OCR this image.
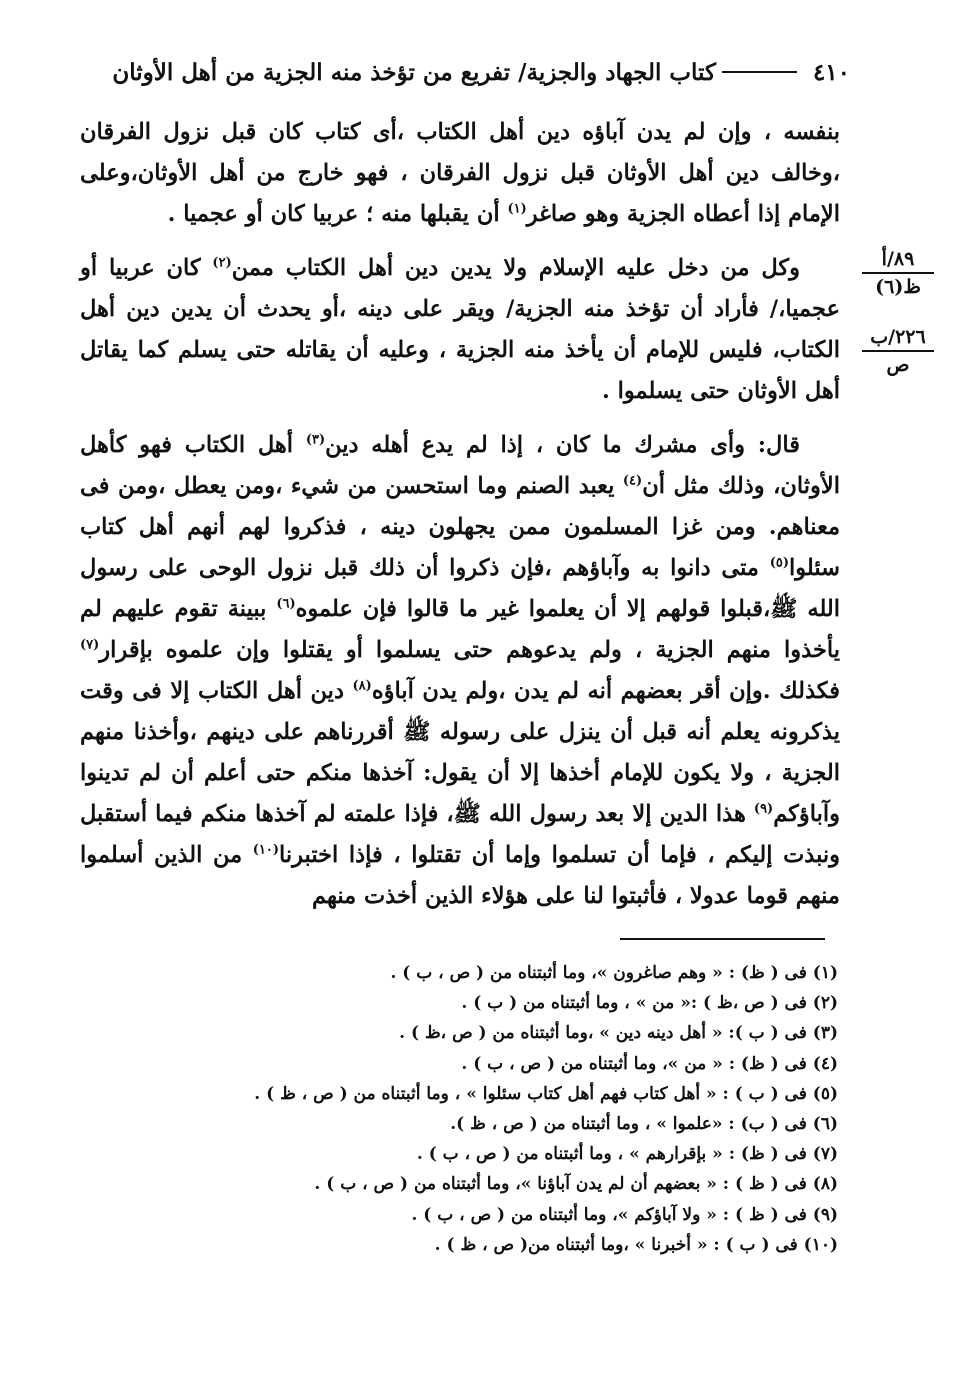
٤١٠
كتاب الجهاد والجزية/ تفريع من تؤخذ منه الجزية من أهل الأوثان
٨٩/أ
ظ(٦)
٢٢٦/ب
ص

بنفسه ، وإن لم يدن آباؤه دين أهل الكتاب ،أى كتاب كان قبل نزول الفرقان ،وخالف دين أهل الأوثان قبل نزول الفرقان ، فهو خارج من أهل الأوثان،وعلى الإمام إذا أعطاه الجزية وهو صاغر$^{(١)}$ أن يقبلها منه ؛ عربيا كان أو عجميا .

وكل من دخل عليه الإسلام ولا يدين دين أهل الكتاب ممن$^{(٢)}$ كان عربيا أو عجميا،/ فأراد أن تؤخذ منه الجزية/ ويقر على دينه ،أو يحدث أن يدين دين أهل الكتاب، فليس للإمام أن يأخذ منه الجزية ، وعليه أن يقاتله حتى يسلم كما يقاتل أهل الأوثان حتى يسلموا .

قال: وأى مشرك ما كان ، إذا لم يدع أهله دين$^{(٣)}$ أهل الكتاب فهو كأهل الأوثان، وذلك مثل أن$^{(٤)}$ يعبد الصنم وما استحسن من شيء ،ومن يعطل ،ومن فى معناهم. ومن غزا المسلمون ممن يجهلون دينه ، فذكروا لهم أنهم أهل كتاب سئلوا$^{(٥)}$ متى دانوا به وآباؤهم ،فإن ذكروا أن ذلك قبل نزول الوحى على رسول الله ﷺ،قبلوا قولهم إلا أن يعلموا غير ما قالوا فإن علموه$^{(٦)}$ ببينة تقوم عليهم لم يأخذوا منهم الجزية ، ولم يدعوهم حتى يسلموا أو يقتلوا وإن علموه بإقرار$^{(٧)}$ فكذلك .وإن أقر بعضهم أنه لم يدن ،ولم يدن آباؤه$^{(٨)}$ دين أهل الكتاب إلا فى وقت يذكرونه يعلم أنه قبل أن ينزل على رسوله ﷺ أقررناهم على دينهم ،وأخذنا منهم الجزية ، ولا يكون للإمام أخذها إلا أن يقول: آخذها منكم حتى أعلم أن لم تدينوا وآباؤكم$^{(٩)}$ هذا الدين إلا بعد رسول الله ﷺ، فإذا علمته لم آخذها منكم فيما أستقبل ونبذت إليكم ، فإما أن تسلموا وإما أن تقتلوا ، فإذا اختبرنا$^{(١٠)}$ من الذين أسلموا منهم قوما عدولا ، فأثبتوا لنا على هؤلاء الذين أخذت منهم

(١) فى ( ظ) : « وهم صاغرون »، وما أثبتناه من ( ص ، ب ) .
(٢) فى ( ص ،ظ ) :« من » ، وما أثبتناه من ( ب ) .
(٣) فى ( ب ): « أهل دينه دين » ،وما أثبتناه من ( ص ،ظ ) .
(٤) فى ( ظ) : « من »، وما أثبتناه من ( ص ، ب ) .
(٥) فى ( ب ) : « أهل كتاب فهم أهل كتاب سئلوا » ، وما أثبتناه من ( ص ، ظ ) .
(٦) فى ( ب) : «علموا » ، وما أثبتناه من ( ص ، ظ ).
(٧) فى ( ظ) : « بإقرارهم » ، وما أثبتناه من ( ص ، ب ) .
(٨) فى ( ظ ) : « بعضهم أن لم يدن آباؤنا »، وما أثبتناه من ( ص ، ب ) .
(٩) فى ( ظ ) : « ولا آباؤكم »، وما أثبتناه من ( ص ، ب ) .
(١٠) فى ( ب ) : « أخبرنا » ،وما أثبتناه من( ص ، ظ ) .
